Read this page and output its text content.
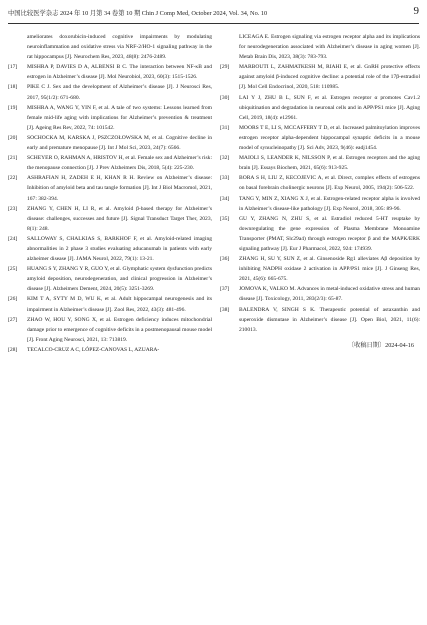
中国比较医学杂志 2024 年 10 月第 34 卷第 10 期 Chin J Comp Med, October 2024, Vol. 34, No. 10	9
ameliorates doxorubicin-induced cognitive impairments by modulating neuroinflammation and oxidative stress via NRF-2/HO-1 signaling pathway in the rat hippocampus [J]. Neurochem Res, 2023, 48(8): 2476-2489.
[17]	MISHRA P, DAVIES D A, ALBENSI B C. The interaction between NF-κB and estrogen in Alzheimer’s disease [J]. Mol Neurobiol, 2023, 60(3): 1515-1526.
[18]	PIKE C J. Sex and the development of Alzheimer’s disease [J]. J Neurosci Res, 2017, 95(1/2): 671-680.
[19]	MISHRA A, WANG Y, YIN F, et al. A tale of two systems: Lessons learned from female mid-life aging with implications for Alzheimer’s prevention & treatment [J]. Ageing Res Rev, 2022, 74: 101542.
[20]	SOCHOCKA M, KARSKA J, PSZCZOŁOWSKA M, et al. Cognitive decline in early and premature menopause [J]. Int J Mol Sci, 2023, 24(7): 6566.
[21]	SCHEYER O, RAHMAN A, HRISTOV H, et al. Female sex and Alzheimer’s risk: the menopause connection [J]. J Prev Alzheimers Dis, 2018, 5(4): 225-230.
[22]	ASHRAFIAN H, ZADEH E H, KHAN R H. Review on Alzheimer’s disease: Inhibition of amyloid beta and tau tangle formation [J]. Int J Biol Macromol, 2021, 167: 382-394.
[23]	ZHANG Y, CHEN H, LI R, et al. Amyloid β-based therapy for Alzheimer’s disease: challenges, successes and future [J]. Signal Transduct Target Ther, 2023, 8(1): 248.
[24]	SALLOWAY S, CHALKIAS S, BARKHOF F, et al. Amyloid-related imaging abnormalities in 2 phase 3 studies evaluating aducanumab in patients with early alzheimer disease [J]. JAMA Neurol, 2022, 79(1): 13-21.
[25]	HUANG S Y, ZHANG Y R, GUO Y, et al. Glymphatic system dysfunction predicts amyloid deposition, neurodegeneration, and clinical progression in Alzheimer’s disease [J]. Alzheimers Dement, 2024, 20(5): 3251-3269.
[26]	KIM T A, SYTY M D, WU K, et al. Adult hippocampal neurogenesis and its impairment in Alzheimer’s disease [J]. Zool Res, 2022, 43(3): 481-496.
[27]	ZHAO W, HOU Y, SONG X, et al. Estrogen deficiency induces mitochondrial damage prior to emergence of cognitive deficits in a postmenopausal mouse model [J]. Front Aging Neurosci, 2021, 13: 713819.
[28]	TECALCO-CRUZ A C, LÓPEZ-CANOVAS L, AZUARA-
LICEAGA E. Estrogen signaling via estrogen receptor alpha and its implications for neurodegeneration associated with Alzheimer’s disease in aging women [J]. Metab Brain Dis, 2023, 38(3): 783-793.
[29]	MARBOUTI L, ZAHMATKESH M, RIAHI E, et al. GnRH protective effects against amyloid β-induced cognitive decline: a potential role of the 17β-estradiol [J]. Mol Cell Endocrinol, 2020, 518: 110985.
[30]	LAI Y J, ZHU B L, SUN F, et al. Estrogen receptor α promotes Cav1.2 ubiquitination and degradation in neuronal cells and in APP/PS1 mice [J]. Aging Cell, 2019, 18(4): e12961.
[31]	MOORS T E, LI S, MCCAFFERY T D, et al. Increased palmitoylation improves estrogen receptor alpha-dependent hippocampal synaptic deficits in a mouse model of synucleinopathy [J]. Sci Adv, 2023, 9(46): eadj1454.
[32]	MAIOLI S, LEANDER K, NILSSON P, et al. Estrogen receptors and the aging brain [J]. Essays Biochem, 2021, 65(6): 913-925.
[33]	BORA S H, LIU Z, KECOJEVIC A, et al. Direct, complex effects of estrogens on basal forebrain cholinergic neurons [J]. Exp Neurol, 2005, 194(2): 506-522.
[34]	TANG Y, MIN Z, XIANG X J, et al. Estrogen-related receptor alpha is involved in Alzheimer’s disease-like pathology [J]. Exp Neurol, 2018, 305: 89-96.
[35]	GU Y, ZHANG N, ZHU S, et al. Estradiol reduced 5-HT reuptake by downregulating the gene expression of Plasma Membrane Monoamine Transporter (PMAT, Slc29a4) through estrogen receptor β and the MAPK/ERK signaling pathway [J]. Eur J Pharmacol, 2022, 924: 174939.
[36]	ZHANG H, SU Y, SUN Z, et al. Ginsenoside Rg1 alleviates Aβ deposition by inhibiting NADPH oxidase 2 activation in APP/PS1 mice [J]. J Ginseng Res, 2021, 45(6): 665-675.
[37]	JOMOVA K, VALKO M. Advances in metal-induced oxidative stress and human disease [J]. Toxicology, 2011, 283(2/3): 65-87.
[38]	BALENDRA V, SINGH S K. Therapeutic potential of astaxanthin and superoxide dismutase in Alzheimer’s disease [J]. Open Biol, 2021, 11(6): 210013.
〔收稿日期〕2024-04-16
